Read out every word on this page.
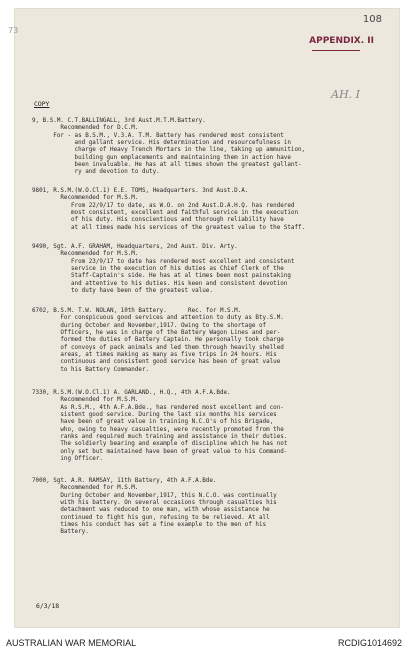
108
73
APPENDIX. II
AH. I
COPY
9, B.S.M. C.T.BALLINGALL, 3rd Aust.M.T.M.Battery.
Recommended for D.C.M.
For - as B.S.M., V.3.A. T.M. Battery has rendered most consistent
and gallant service. His determination and resourcefulness in
charge of Heavy Trench Mortars in the line, taking up ammunition,
building gun emplacements and maintaining them in action have
been invaluable. He has at all times shown the greatest gallant-
ry and devotion to duty.
9801, R.S.M.(W.O.Cl.1) E.E. TOMS, Headquarters. 3nd Aust.D.A.
Recommended for M.S.M.
From 22/9/17 to date, as W.O. on 2nd Aust.D.A.H.Q. has rendered
most consistent, excellent and faithful service in the execution
of his duty. His conscientious and thorough reliability have
at all times made his services of the greatest value to the Staff.
9490, Sgt. A.F. GRAHAM, Headquarters, 2nd Aust. Div. Arty.
Recommended for M.S.M.
From 23/9/17 to date has rendered most excellent and consistent
service in the execution of his duties as Chief Clerk of the
Staff-Captain's side. He has at al times been most painstaking
and attentive to his duties. His keen and consistent devotion
to duty have been of the greatest value.
6702, B.S.M. T.W. NOLAN, 10th Battery.      Rec. for M.S.M.
For conspicuous good services and attention to duty as Bty.S.M.
during October and November,1917. Owing to the shortage of
Officers, he was in charge of the Battery Wagon Lines and per-
formed the duties of Battery Captain. He personally took charge
of convoys of pack animals and led them through heavily shelled
areas, at times making as many as five trips in 24 hours. His
continuous and consistent good service has been of great value
to his Battery Commander.
7330, R.S.M.(W.O.Cl.1) A. GARLAND., H.Q., 4th A.F.A.Bde.
Recommended for M.S.M.
As R.S.M., 4th A.F.A.Bde., has rendered most excellent and con-
sistent good service. During the last six months his services
have been of great value in training N.C.O's of his Brigade,
who, owing to heavy casualties, were recently promoted from the
ranks and required much training and assistance in their duties.
The soldierly bearing and example of discipline which he has not
only set but maintained have been of great value to his Command-
ing Officer.
7000, Sgt. A.R. RAMSAY, 11th Battery, 4th A.F.A.Bde.
Recommended for M.S.M.
During October and November,1917, this N.C.O. was continually
with his battery. On several occasions through casualties his
detachment was reduced to one man, with whose assistance he
continued to fight his gun, refusing to be relieved. At all
times his conduct has set a fine example to the men of his
Battery.
6/3/18
AUSTRALIAN WAR MEMORIAL	RCDIG1014692
